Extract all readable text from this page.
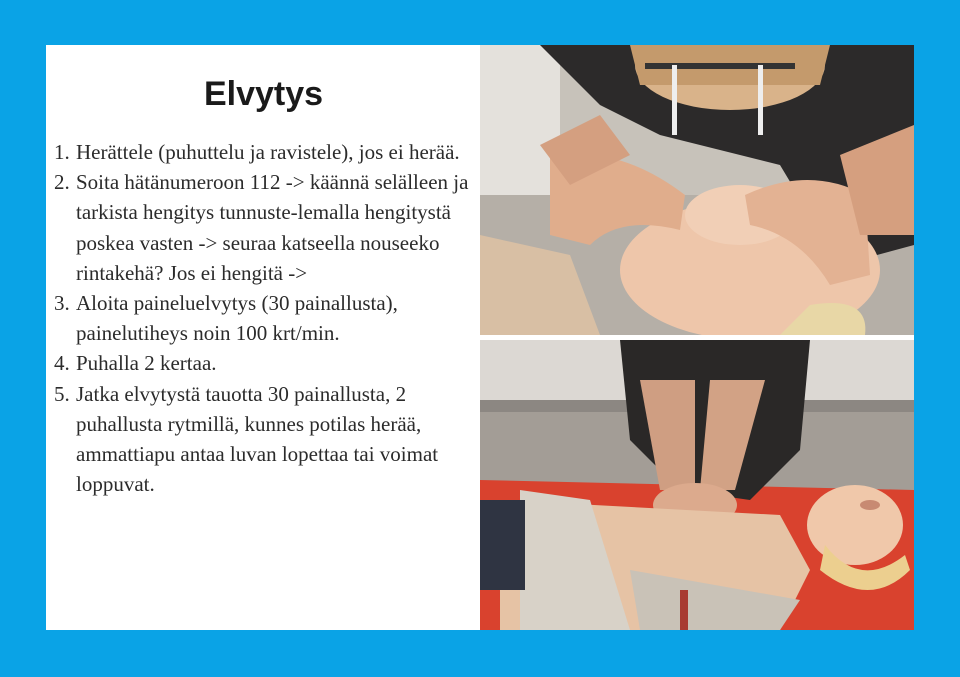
Elvytys
1. Herättele (puhuttelu ja ravistele), jos ei herää.
2. Soita hätänumeroon 112 -> käännä selälleen ja tarkista hengitys tunnuste-lemalla hengitystä poskea vasten -> seuraa katseella nouseeko rintakehä? Jos ei hengitä ->
3. Aloita paineluelvytys (30 painallusta), painelutiheys noin 100 krt/min.
4. Puhalla 2 kertaa.
5. Jatka elvytystä tauotta 30 painallusta, 2 puhallusta rytmillä, kunnes potilas herää, ammattiapu antaa luvan lopettaa tai voimat loppuvat.
